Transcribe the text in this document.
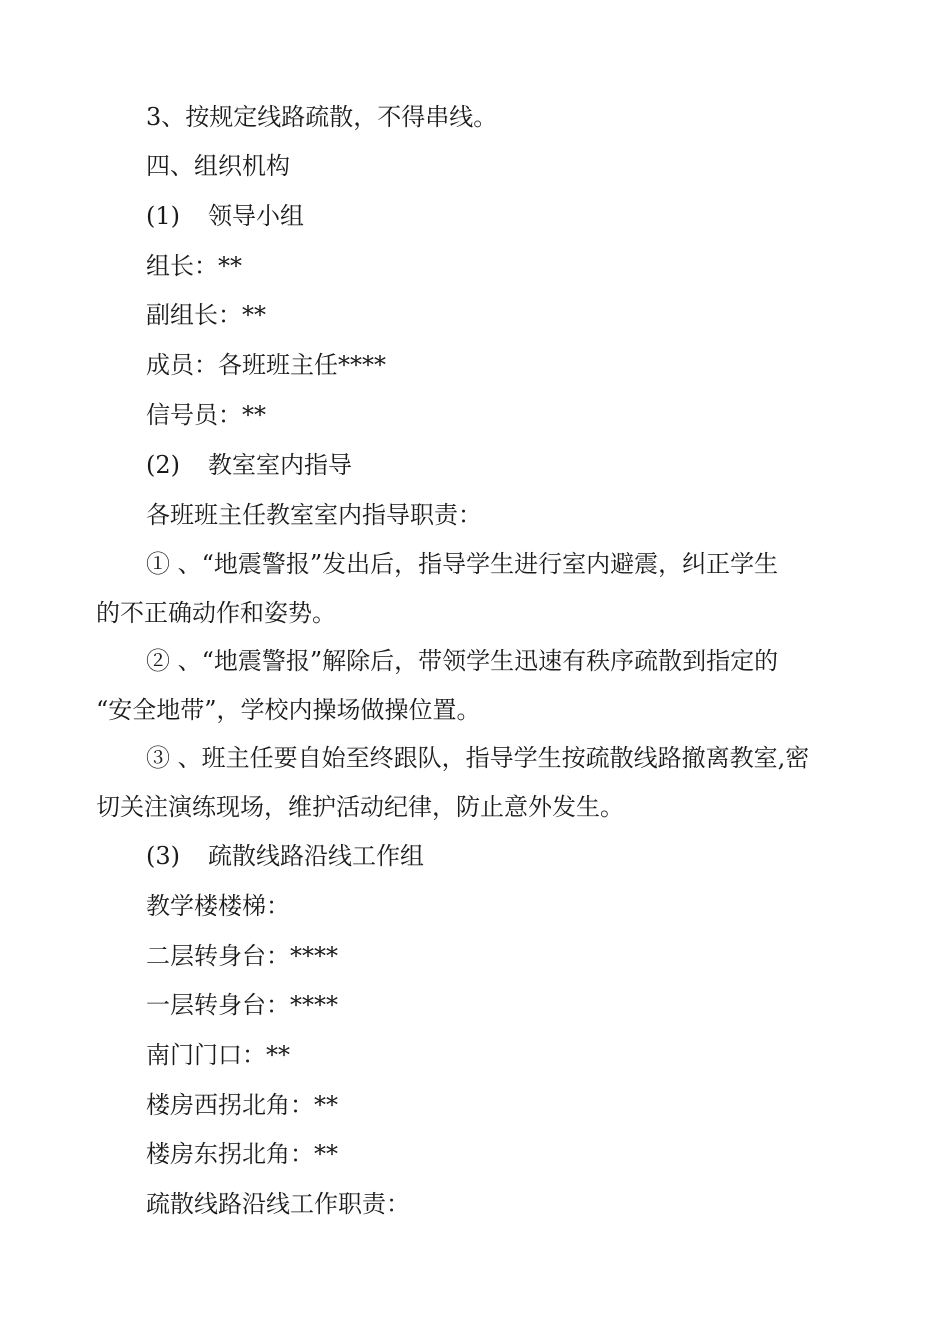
3、按规定线路疏散，不得串线。
四、组织机构
(1) 领导小组
组长：**
副组长：**
成员：各班班主任****
信号员：**
(2) 教室室内指导
各班班主任教室室内指导职责：
① 、“地震警报”发出后，指导学生进行室内避震，纠正学生
的不正确动作和姿势。
② 、“地震警报”解除后，带领学生迅速有秩序疏散到指定的
“安全地带”，学校内操场做操位置。
③ 、班主任要自始至终跟队，指导学生按疏散线路撤离教室,密
切关注演练现场，维护活动纪律，防止意外发生。
(3) 疏散线路沿线工作组
教学楼楼梯：
二层转身台：****
一层转身台：****
南门门口：**
楼房西拐北角：**
楼房东拐北角：**
疏散线路沿线工作职责：
